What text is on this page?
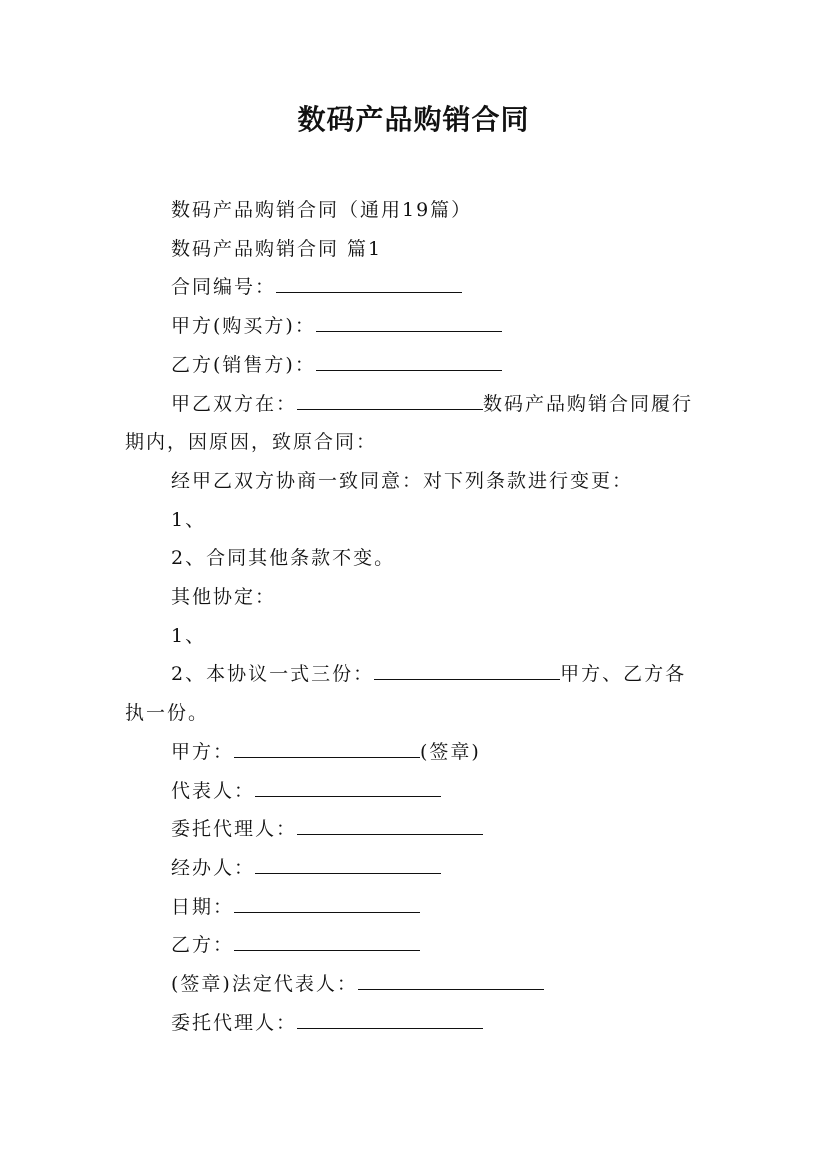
数码产品购销合同
数码产品购销合同（通用19篇）
数码产品购销合同 篇1
合同编号：
甲方(购买方)：
乙方(销售方)：
甲乙双方在：	数码产品购销合同履行期内，因原因，致原合同：
经甲乙双方协商一致同意：对下列条款进行变更：
1、
2、合同其他条款不变。
其他协定：
1、
2、本协议一式三份：	甲方、乙方各执一份。
甲方：	(签章)
代表人：
委托代理人：
经办人：
日期：
乙方：
(签章)法定代表人：
委托代理人：
